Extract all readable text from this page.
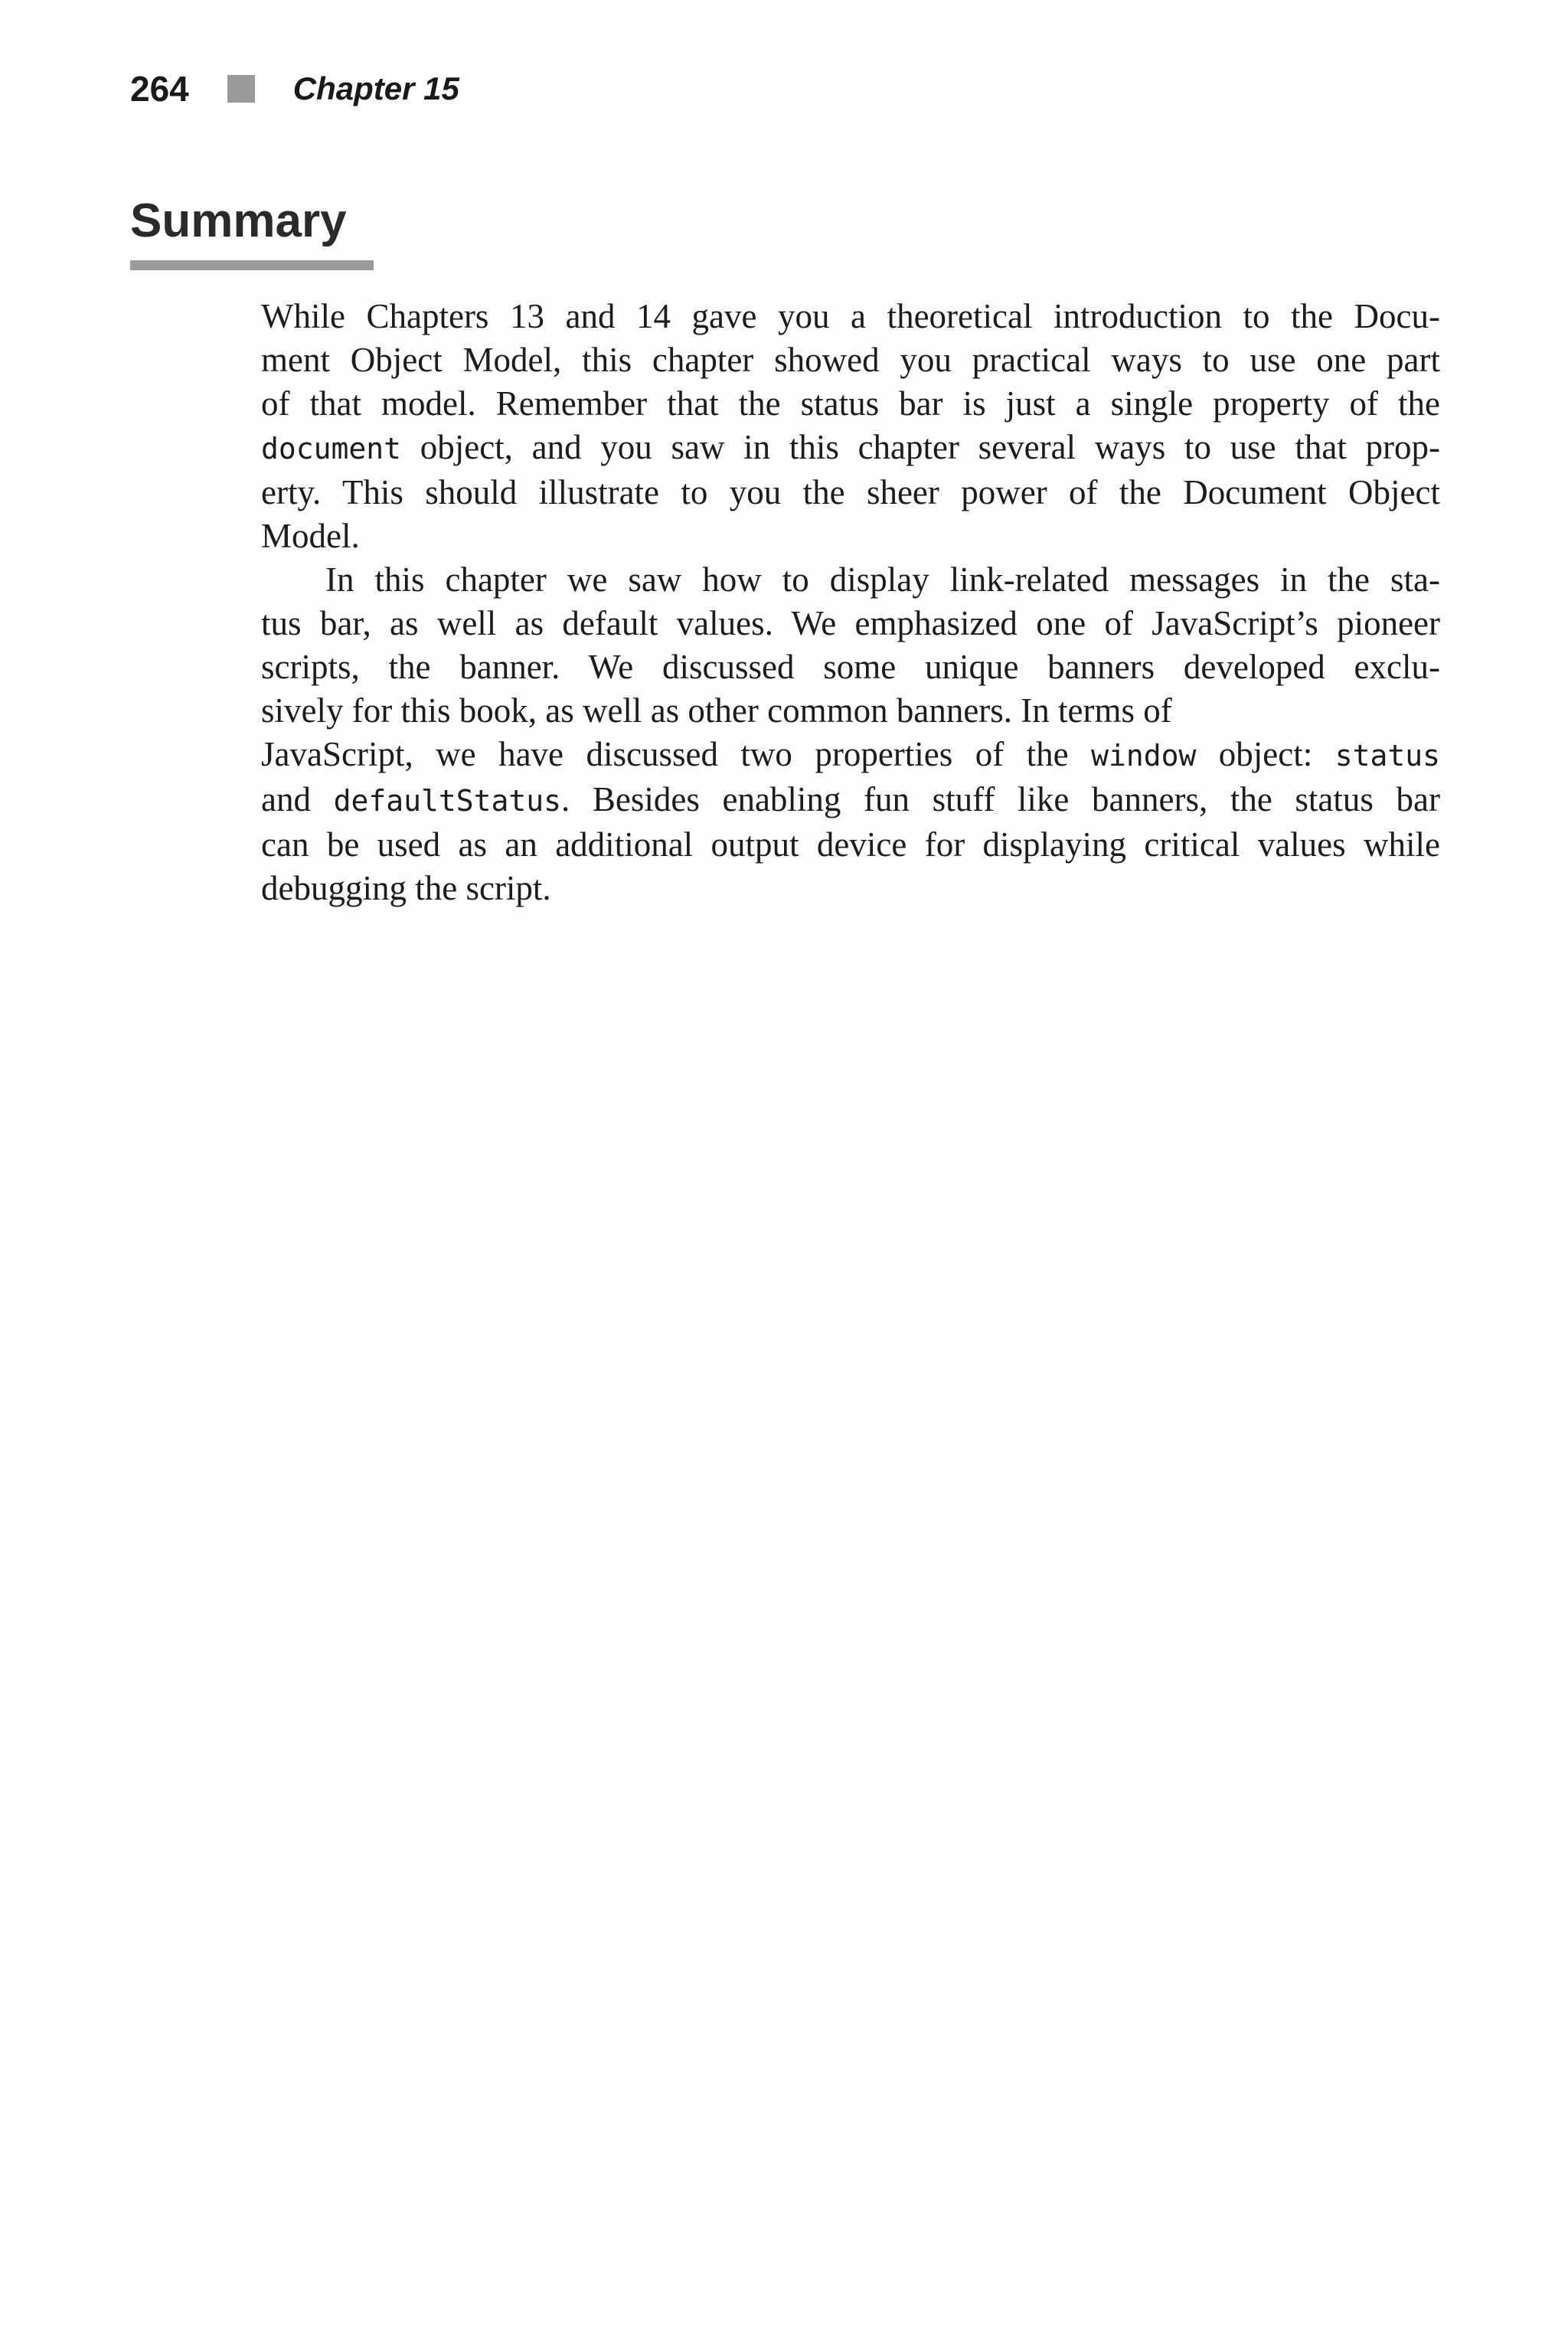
264	Chapter 15
Summary

While Chapters 13 and 14 gave you a theoretical introduction to the Docu-
ment Object Model, this chapter showed you practical ways to use one part
of that model. Remember that the status bar is just a single property of the
document object, and you saw in this chapter several ways to use that prop-
erty. This should illustrate to you the sheer power of the Document Object
Model.

In this chapter we saw how to display link-related messages in the sta-
tus bar, as well as default values. We emphasized one of JavaScript’s pioneer
scripts, the banner. We discussed some unique banners developed exclu-
sively for this book, as well as other common banners. In terms of
JavaScript, we have discussed two properties of the window object: status
and defaultStatus. Besides enabling fun stuff like banners, the status bar
can be used as an additional output device for displaying critical values while
debugging the script.
